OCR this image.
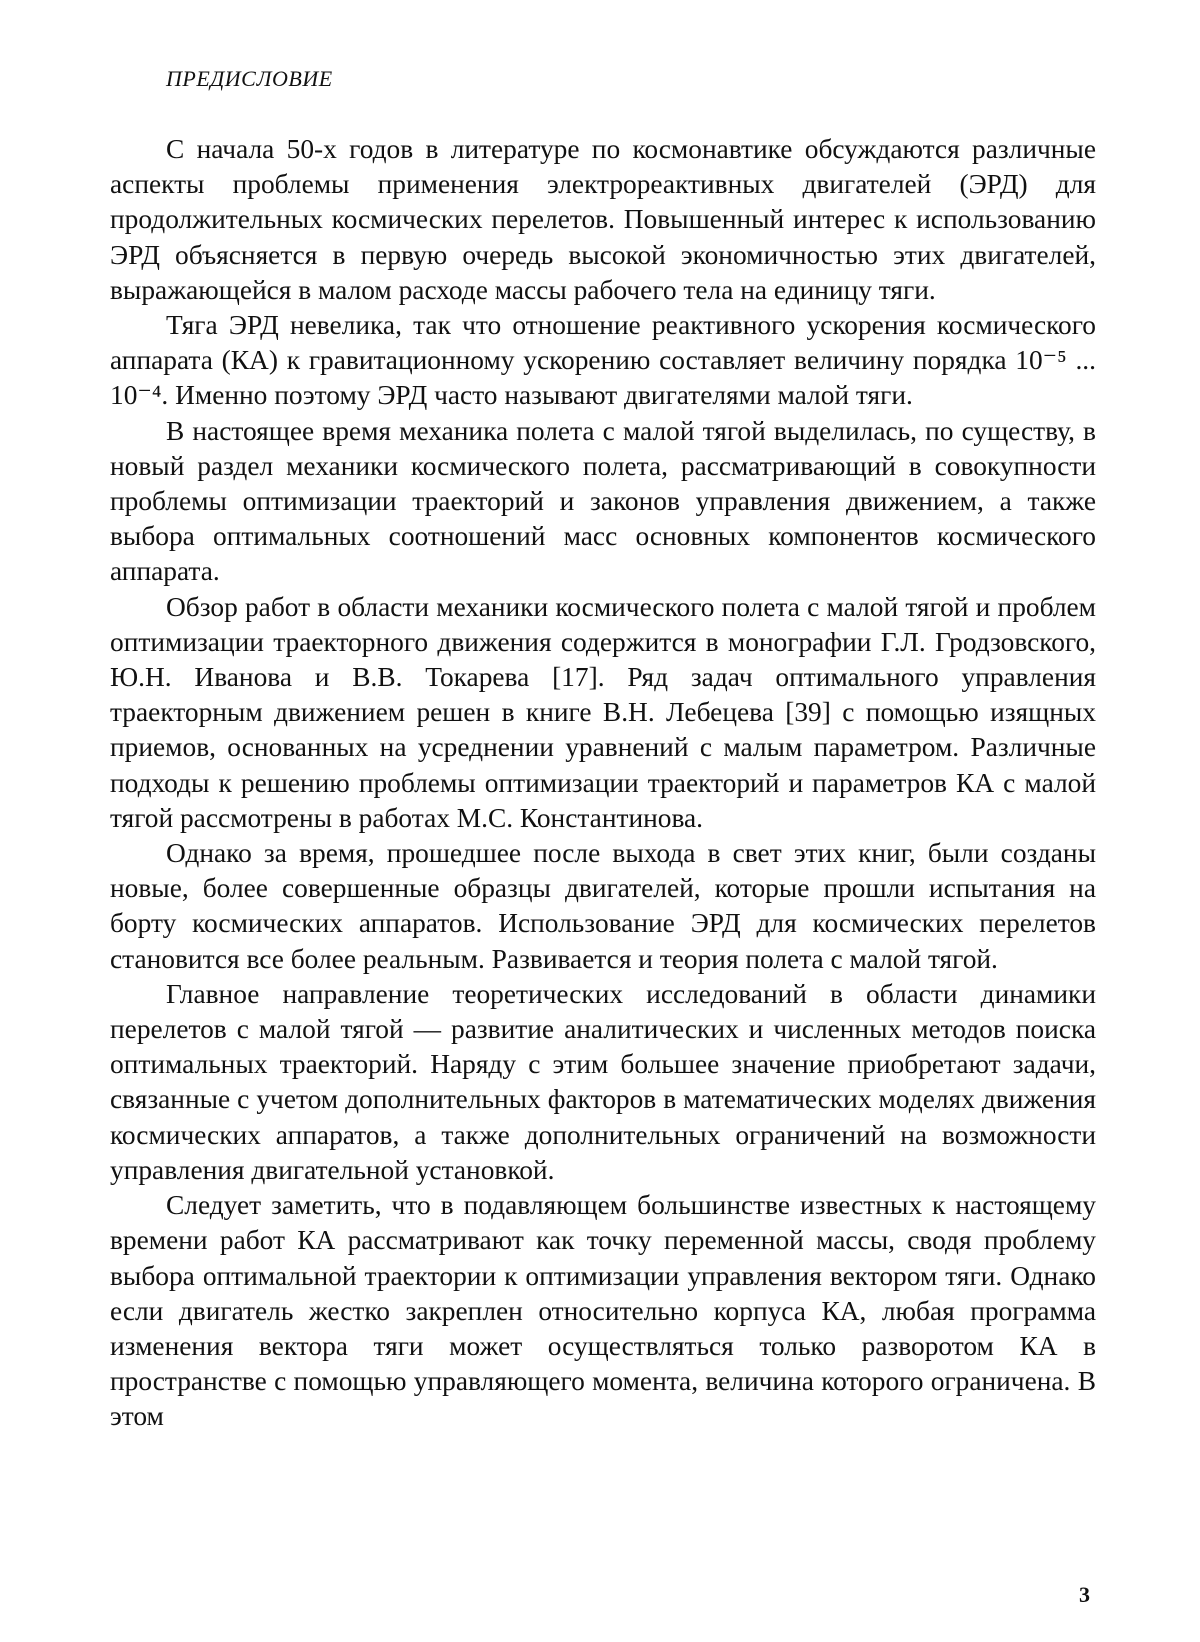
ПРЕДИСЛОВИЕ

С начала 50-х годов в литературе по космонавтике обсуждаются различные аспекты проблемы применения электрореактивных двигателей (ЭРД) для продолжительных космических перелетов. Повышенный интерес к использованию ЭРД объясняется в первую очередь высокой экономичностью этих двигателей, выражающейся в малом расходе массы рабочего тела на единицу тяги.

Тяга ЭРД невелика, так что отношение реактивного ускорения космического аппарата (КА) к гравитационному ускорению составляет величину порядка 10⁻⁵ ... 10⁻⁴. Именно поэтому ЭРД часто называют двигателями малой тяги.

В настоящее время механика полета с малой тягой выделилась, по существу, в новый раздел механики космического полета, рассматривающий в совокупности проблемы оптимизации траекторий и законов управления движением, а также выбора оптимальных соотношений масс основных компонентов космического аппарата.

Обзор работ в области механики космического полета с малой тягой и проблем оптимизации траекторного движения содержится в монографии Г.Л. Гродзовского, Ю.Н. Иванова и В.В. Токарева [17]. Ряд задач оптимального управления траекторным движением решен в книге В.Н. Лебецева [39] с помощью изящных приемов, основанных на усреднении уравнений с малым параметром. Различные подходы к решению проблемы оптимизации траекторий и параметров КА с малой тягой рассмотрены в работах М.С. Константинова.

Однако за время, прошедшее после выхода в свет этих книг, были созданы новые, более совершенные образцы двигателей, которые прошли испытания на борту космических аппаратов. Использование ЭРД для космических перелетов становится все более реальным. Развивается и теория полета с малой тягой.

Главное направление теоретических исследований в области динамики перелетов с малой тягой — развитие аналитических и численных методов поиска оптимальных траекторий. Наряду с этим большее значение приобретают задачи, связанные с учетом дополнительных факторов в математических моделях движения космических аппаратов, а также дополнительных ограничений на возможности управления двигательной установкой.

Следует заметить, что в подавляющем большинстве известных к настоящему времени работ КА рассматривают как точку переменной массы, сводя проблему выбора оптимальной траектории к оптимизации управления вектором тяги. Однако если двигатель жестко закреплен относительно корпуса КА, любая программа изменения вектора тяги может осуществляться только разворотом КА в пространстве с помощью управляющего момента, величина которого ограничена. В этом

3
